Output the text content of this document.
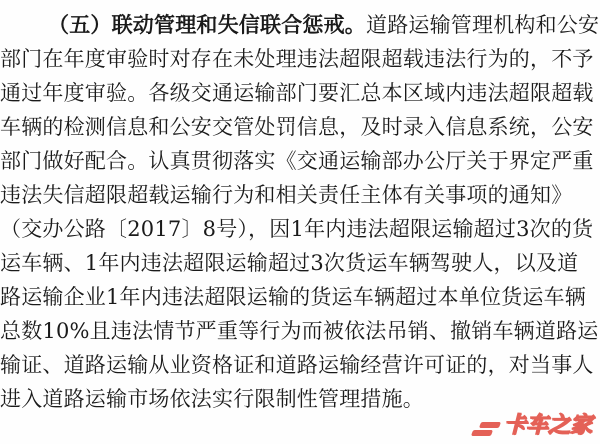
（五）联动管理和失信联合惩戒。道路运输管理机构和公安
部门在年度审验时对存在未处理违法超限超载违法行为的，不予
通过年度审验。各级交通运输部门要汇总本区域内违法超限超载
车辆的检测信息和公安交管处罚信息，及时录入信息系统，公安
部门做好配合。认真贯彻落实《交通运输部办公厅关于界定严重
违法失信超限超载运输行为和相关责任主体有关事项的通知》
（交办公路〔2017〕8号），因1年内违法超限运输超过3次的货
运车辆、1年内违法超限运输超过3次货运车辆驾驶人，以及道
路运输企业1年内违法超限运输的货运车辆超过本单位货运车辆
总数10%且违法情节严重等行为而被依法吊销、撤销车辆道路运
输证、道路运输从业资格证和道路运输经营许可证的，对当事人
进入道路运输市场依法实行限制性管理措施。
卡车之家
